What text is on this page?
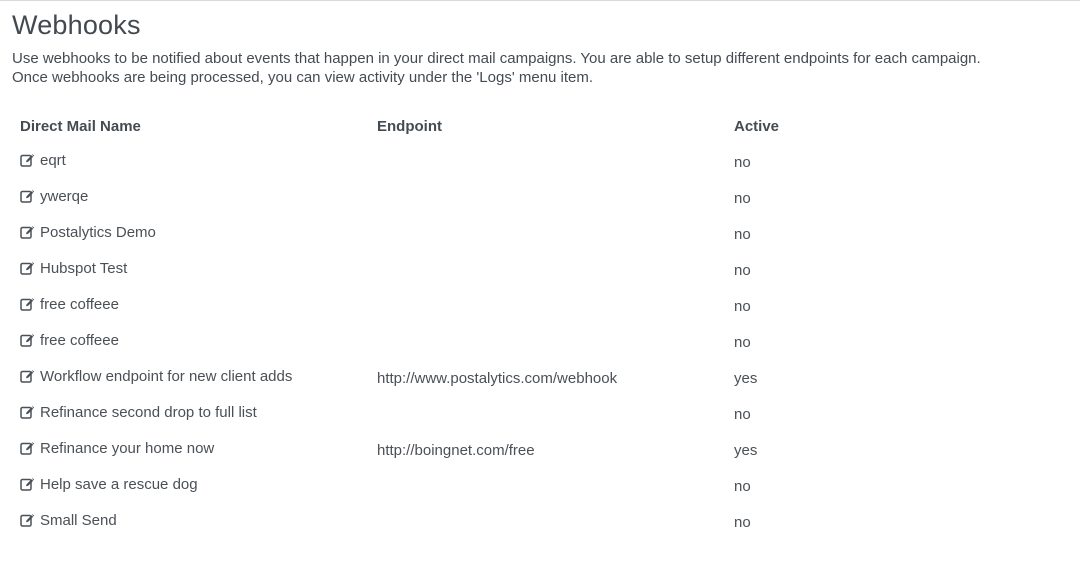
Webhooks

Use webhooks to be notified about events that happen in your direct mail campaigns. You are able to setup different endpoints for each campaign.

Once webhooks are being processed, you can view activity under the 'Logs' menu item.

Direct Mail Name	Endpoint	Active

eqrt		no

ywerqe		no

Postalytics Demo		no

Hubspot Test		no

free coffeee		no

free coffeee		no

Workflow endpoint for new client adds	http://www.postalytics.com/webhook	yes

Refinance second drop to full list		no

Refinance your home now	http://boingnet.com/free	yes

Help save a rescue dog		no

Small Send		no
